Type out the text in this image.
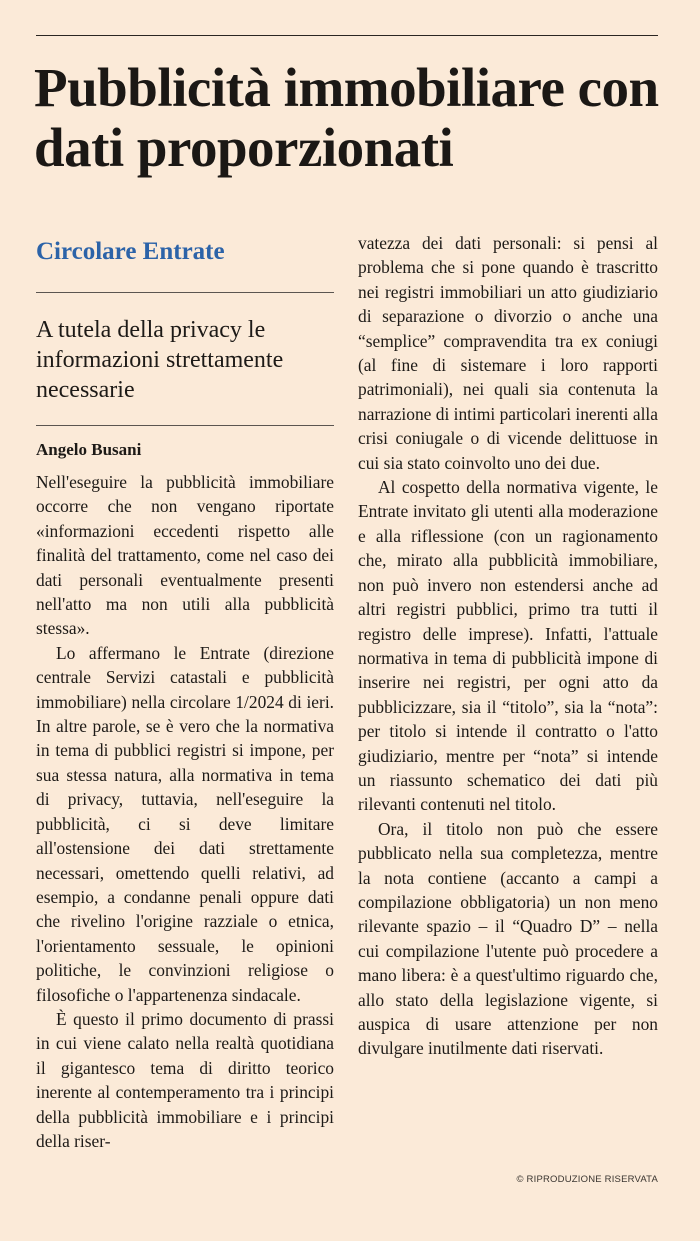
Pubblicità immobiliare con dati proporzionati
Circolare Entrate
A tutela della privacy le informazioni strettamente necessarie
Angelo Busani

Nell'eseguire la pubblicità immobiliare occorre che non vengano riportate «informazioni eccedenti rispetto alle finalità del trattamento, come nel caso dei dati personali eventualmente presenti nell'atto ma non utili alla pubblicità stessa».

Lo affermano le Entrate (direzione centrale Servizi catastali e pubblicità immobiliare) nella circolare 1/2024 di ieri. In altre parole, se è vero che la normativa in tema di pubblici registri si impone, per sua stessa natura, alla normativa in tema di privacy, tuttavia, nell'eseguire la pubblicità, ci si deve limitare all'ostensione dei dati strettamente necessari, omettendo quelli relativi, ad esempio, a condanne penali oppure dati che rivelino l'origine razziale o etnica, l'orientamento sessuale, le opinioni politiche, le convinzioni religiose o filosofiche o l'appartenenza sindacale.

È questo il primo documento di prassi in cui viene calato nella realtà quotidiana il gigantesco tema di diritto teorico inerente al contemperamento tra i principi della pubblicità immobiliare e i principi della riser-

vatezza dei dati personali: si pensi al problema che si pone quando è trascritto nei registri immobiliari un atto giudiziario di separazione o divorzio o anche una “semplice” compravendita tra ex coniugi (al fine di sistemare i loro rapporti patrimoniali), nei quali sia contenuta la narrazione di intimi particolari inerenti alla crisi coniugale o di vicende delittuose in cui sia stato coinvolto uno dei due.

Al cospetto della normativa vigente, le Entrate invitato gli utenti alla moderazione e alla riflessione (con un ragionamento che, mirato alla pubblicità immobiliare, non può invero non estendersi anche ad altri registri pubblici, primo tra tutti il registro delle imprese). Infatti, l'attuale normativa in tema di pubblicità impone di inserire nei registri, per ogni atto da pubblicizzare, sia il “titolo”, sia la “nota”: per titolo si intende il contratto o l'atto giudiziario, mentre per “nota” si intende un riassunto schematico dei dati più rilevanti contenuti nel titolo.

Ora, il titolo non può che essere pubblicato nella sua completezza, mentre la nota contiene (accanto a campi a compilazione obbligatoria) un non meno rilevante spazio – il “Quadro D” – nella cui compilazione l'utente può procedere a mano libera: è a quest'ultimo riguardo che, allo stato della legislazione vigente, si auspica di usare attenzione per non divulgare inutilmente dati riservati.

© RIPRODUZIONE RISERVATA
